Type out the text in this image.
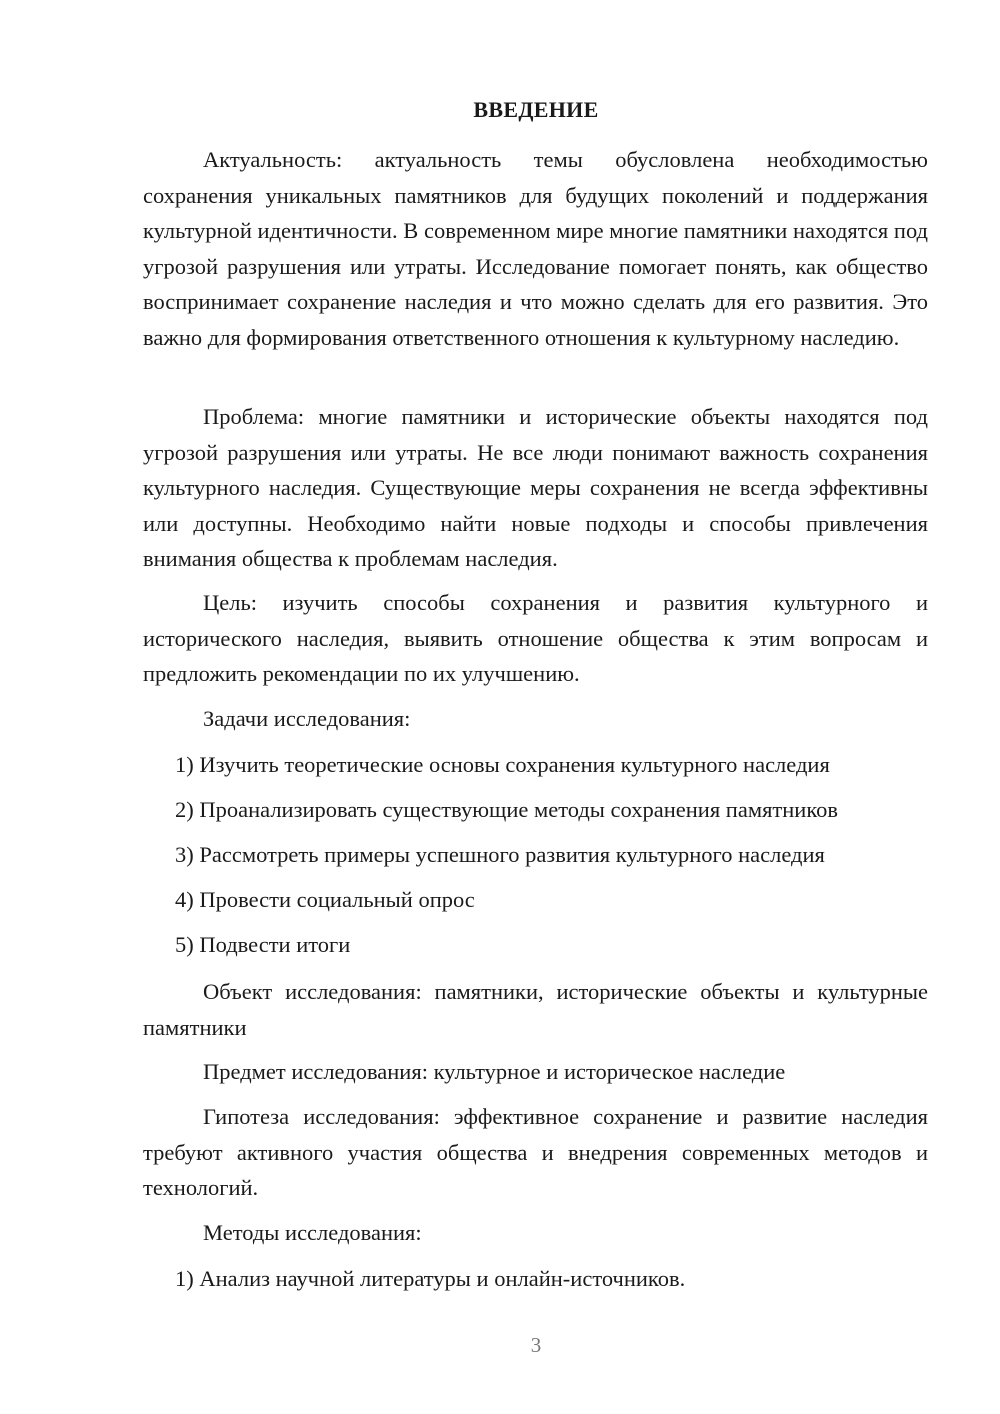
ВВЕДЕНИЕ

Актуальность: актуальность темы обусловлена необходимостью сохранения уникальных памятников для будущих поколений и поддержания культурной идентичности. В современном мире многие памятники находятся под угрозой разрушения или утраты. Исследование помогает понять, как общество воспринимает сохранение наследия и что можно сделать для его развития. Это важно для формирования ответственного отношения к культурному наследию.

Проблема: многие памятники и исторические объекты находятся под угрозой разрушения или утраты. Не все люди понимают важность сохранения культурного наследия. Существующие меры сохранения не всегда эффективны или доступны. Необходимо найти новые подходы и способы привлечения внимания общества к проблемам наследия.

Цель: изучить способы сохранения и развития культурного и исторического наследия, выявить отношение общества к этим вопросам и предложить рекомендации по их улучшению.

Задачи исследования:

1) Изучить теоретические основы сохранения культурного наследия

2) Проанализировать существующие методы сохранения памятников

3) Рассмотреть примеры успешного развития культурного наследия

4) Провести социальный опрос

5) Подвести итоги

Объект исследования: памятники, исторические объекты и культурные памятники

Предмет исследования: культурное и историческое наследие

Гипотеза исследования: эффективное сохранение и развитие наследия требуют активного участия общества и внедрения современных методов и технологий.

Методы исследования:

1) Анализ научной литературы и онлайн-источников.

3
